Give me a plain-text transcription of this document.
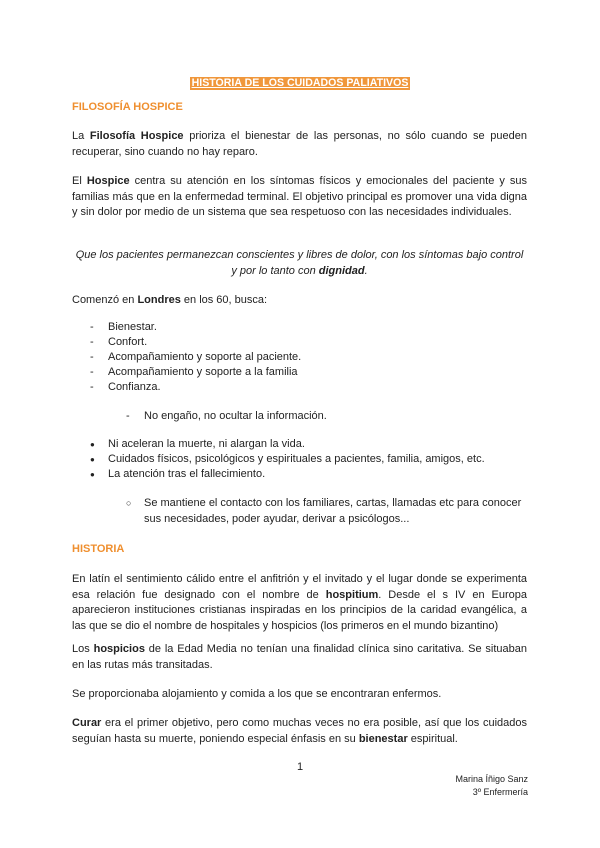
HISTORIA DE LOS CUIDADOS PALIATIVOS
FILOSOFÍA HOSPICE

La Filosofía Hospice prioriza el bienestar de las personas, no sólo cuando se pueden recuperar, sino cuando no hay reparo.

El Hospice centra su atención en los síntomas físicos y emocionales del paciente y sus familias más que en la enfermedad terminal. El objetivo principal es promover una vida digna y sin dolor por medio de un sistema que sea respetuoso con las necesidades individuales.

Que los pacientes permanezcan conscientes y libres de dolor, con los síntomas bajo control y por lo tanto con dignidad.

Comenzó en Londres en los 60, busca:

- Bienestar.
- Confort.
- Acompañamiento y soporte al paciente.
- Acompañamiento y soporte a la familia
- Confianza.
- No engaño, no ocultar la información.
● Ni aceleran la muerte, ni alargan la vida.
● Cuidados físicos, psicológicos y espirituales a pacientes, familia, amigos, etc.
● La atención tras el fallecimiento.
○ Se mantiene el contacto con los familiares, cartas, llamadas etc para conocer sus necesidades, poder ayudar, derivar a psicólogos...
HISTORIA

En latín el sentimiento cálido entre el anfitrión y el invitado y el lugar donde se experimenta esa relación fue designado con el nombre de hospitium. Desde el s IV en Europa aparecieron instituciones cristianas inspiradas en los principios de la caridad evangélica, a las que se dio el nombre de hospitales y hospicios (los primeros en el mundo bizantino)

Los hospicios de la Edad Media no tenían una finalidad clínica sino caritativa. Se situaban en las rutas más transitadas.

Se proporcionaba alojamiento y comida a los que se encontraran enfermos.

Curar era el primer objetivo, pero como muchas veces no era posible, así que los cuidados seguían hasta su muerte, poniendo especial énfasis en su bienestar espiritual.

1
Marina Íñigo Sanz
3º Enfermería
